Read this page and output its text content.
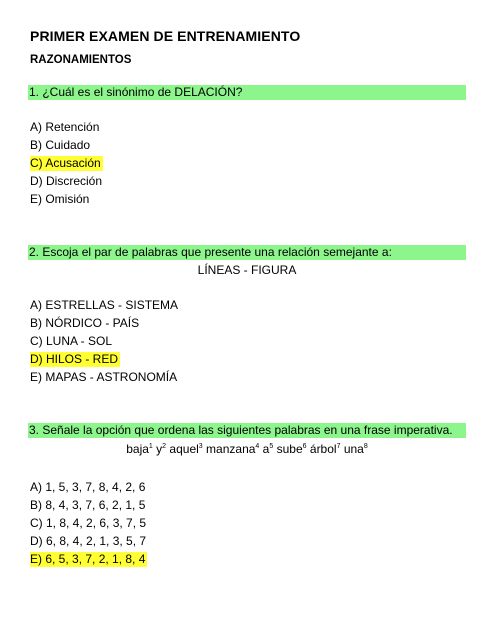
PRIMER EXAMEN DE ENTRENAMIENTO
RAZONAMIENTOS
1. ¿Cuál es el sinónimo de DELACIÓN?
A) Retención
B) Cuidado
C) Acusación
D) Discreción
E) Omisión
2. Escoja el par de palabras que presente una relación semejante a:
LÍNEAS - FIGURA
A) ESTRELLAS - SISTEMA
B) NÓRDICO - PAÍS
C) LUNA - SOL
D) HILOS - RED
E) MAPAS - ASTRONOMÍA
3. Señale la opción que ordena las siguientes palabras en una frase imperativa.
baja$^1$ $y^2$ aquel$^3$ manzana$^4$ $a^5$ sube$^6$ árbol$^7$ una$^8$
A) 1, 5, 3, 7, 8, 4, 2, 6
B) 8, 4, 3, 7, 6, 2, 1, 5
C) 1, 8, 4, 2, 6, 3, 7, 5
D) 6, 8, 4, 2, 1, 3, 5, 7
E) 6, 5, 3, 7, 2, 1, 8, 4
